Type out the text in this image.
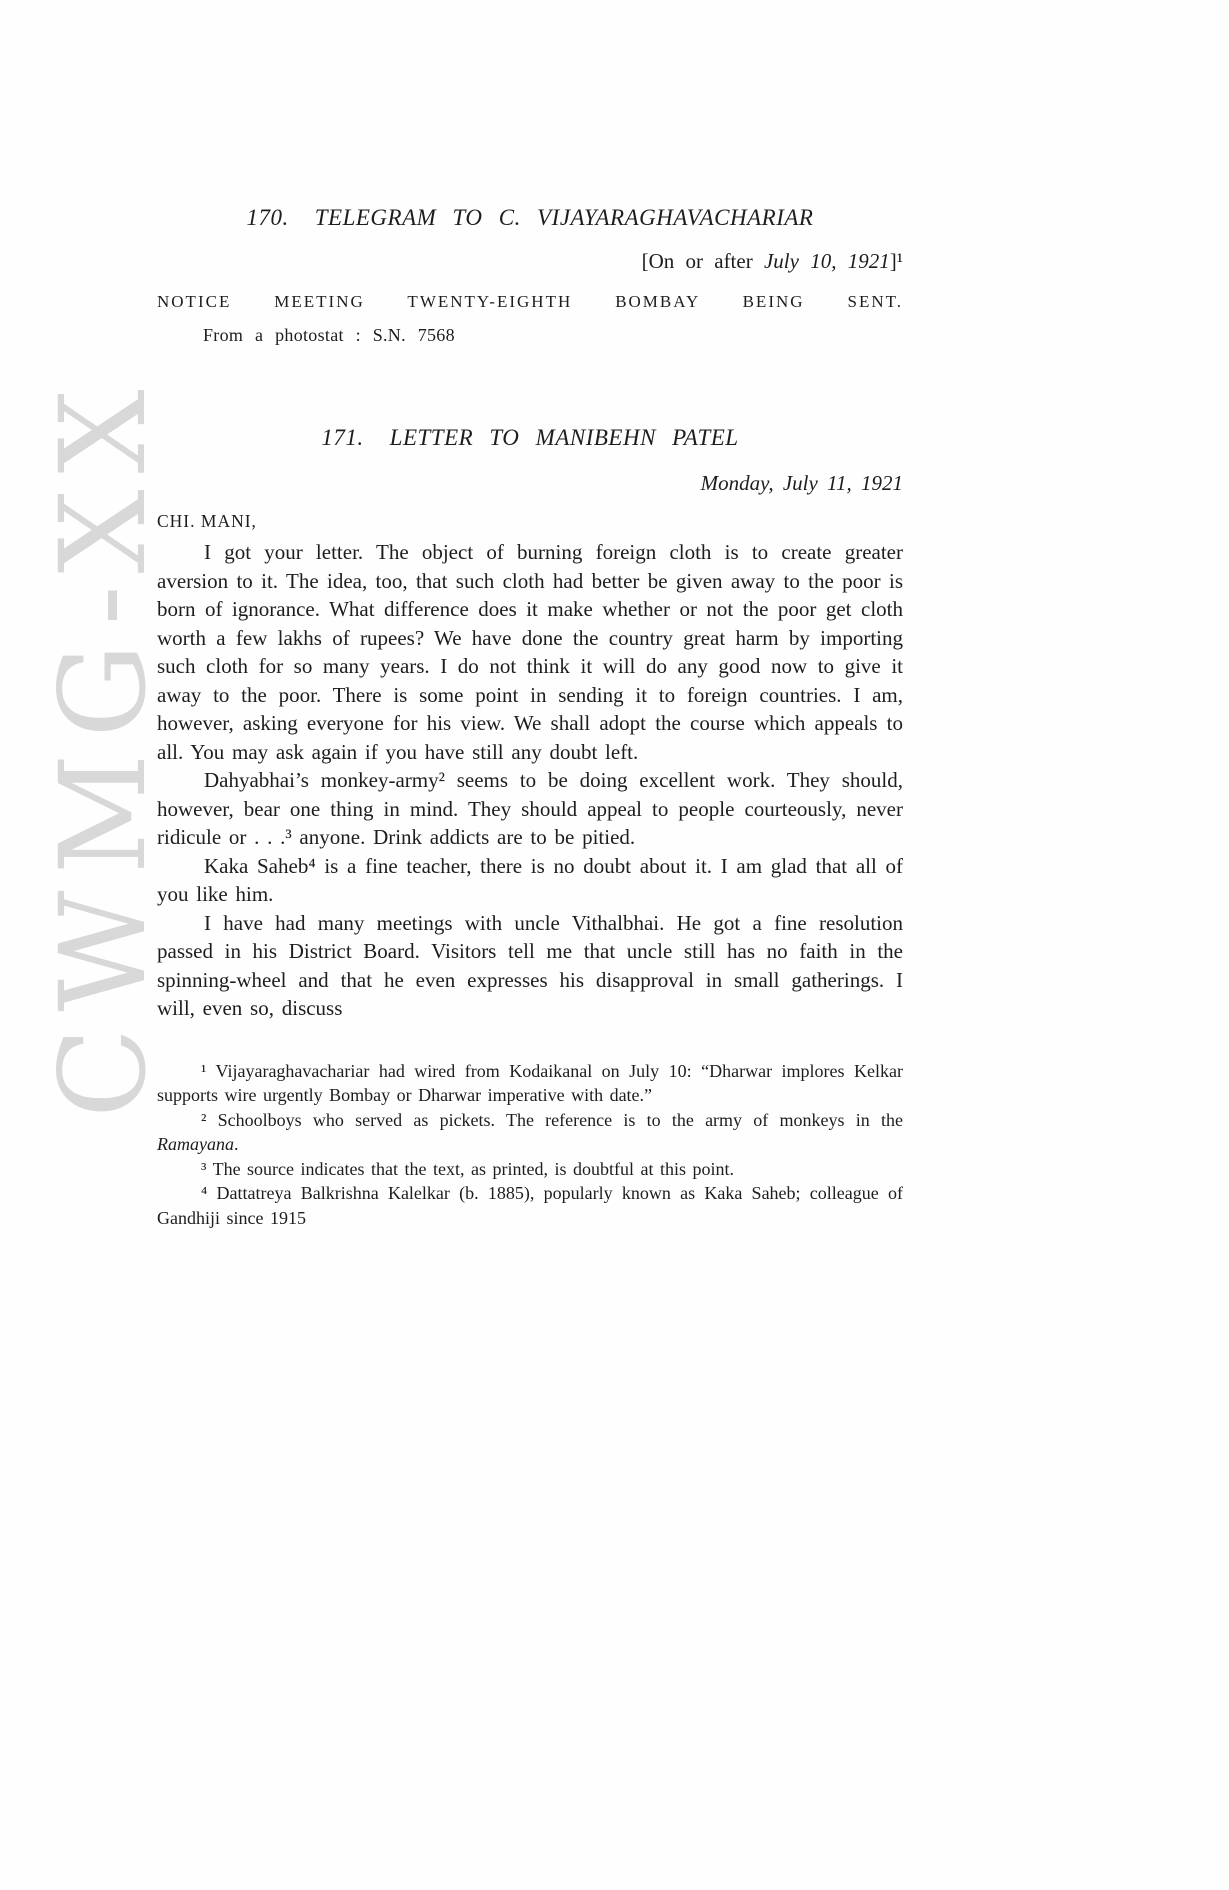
CWMG-XX
170. TELEGRAM TO C. VIJAYARAGHAVACHARIAR

[On or after July 10, 1921]¹

NOTICE MEETING TWENTY-EIGHTH BOMBAY BEING SENT.

From a photostat : S.N. 7568

171. LETTER TO MANIBEHN PATEL

Monday, July 11, 1921

CHI. MANI,

I got your letter. The object of burning foreign cloth is to create greater aversion to it. The idea, too, that such cloth had better be given away to the poor is born of ignorance. What difference does it make whether or not the poor get cloth worth a few lakhs of rupees? We have done the country great harm by importing such cloth for so many years. I do not think it will do any good now to give it away to the poor. There is some point in sending it to foreign countries. I am, however, asking everyone for his view. We shall adopt the course which appeals to all. You may ask again if you have still any doubt left.

Dahyabhai’s monkey-army² seems to be doing excellent work. They should, however, bear one thing in mind. They should appeal to people courteously, never ridicule or . . .³ anyone. Drink addicts are to be pitied.

Kaka Saheb⁴ is a fine teacher, there is no doubt about it. I am glad that all of you like him.

I have had many meetings with uncle Vithalbhai. He got a fine resolution passed in his District Board. Visitors tell me that uncle still has no faith in the spinning-wheel and that he even expresses his disapproval in small gatherings. I will, even so, discuss

¹ Vijayaraghavachariar had wired from Kodaikanal on July 10: “Dharwar implores Kelkar supports wire urgently Bombay or Dharwar imperative with date.”

² Schoolboys who served as pickets. The reference is to the army of monkeys in the Ramayana.

³ The source indicates that the text, as printed, is doubtful at this point.

⁴ Dattatreya Balkrishna Kalelkar (b. 1885), popularly known as Kaka Saheb; colleague of Gandhiji since 1915
